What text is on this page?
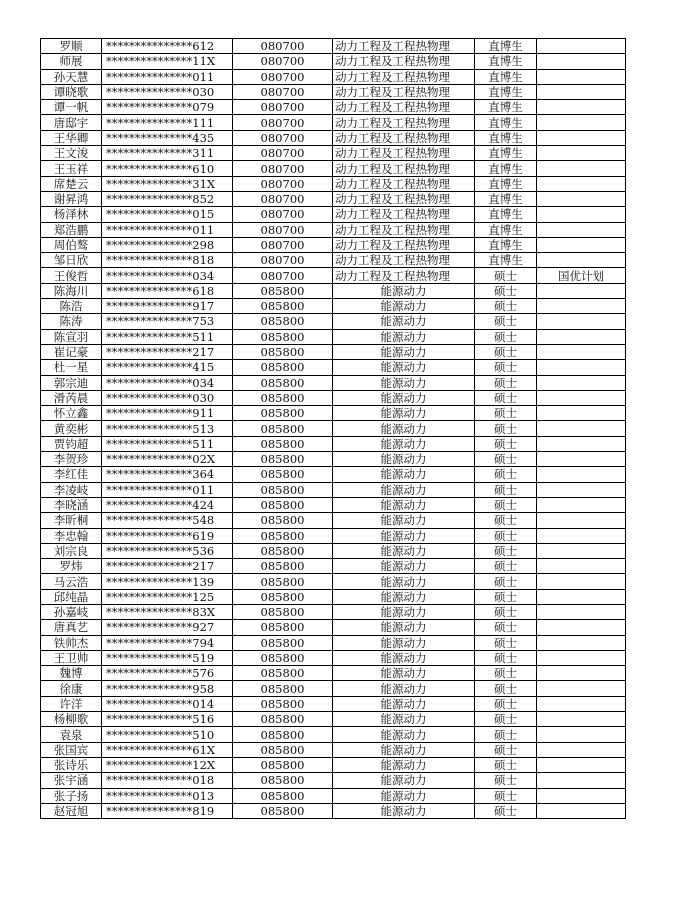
罗顺	***************612	080700	动力工程及工程热物理	直博生	
师展	***************11X	080700	动力工程及工程热物理	直博生	
孙天慧	***************011	080700	动力工程及工程热物理	直博生	
谭晓歌	***************030	080700	动力工程及工程热物理	直博生	
谭一帆	***************079	080700	动力工程及工程热物理	直博生	
唐邸宇	***************111	080700	动力工程及工程热物理	直博生	
王华卿	***************435	080700	动力工程及工程热物理	直博生	
王文浚	***************311	080700	动力工程及工程热物理	直博生	
王玉祥	***************610	080700	动力工程及工程热物理	直博生	
席楚云	***************31X	080700	动力工程及工程热物理	直博生	
谢昇鸿	***************852	080700	动力工程及工程热物理	直博生	
杨泽林	***************015	080700	动力工程及工程热物理	直博生	
郑浩鹏	***************011	080700	动力工程及工程热物理	直博生	
周伯骜	***************298	080700	动力工程及工程热物理	直博生	
邹日欣	***************818	080700	动力工程及工程热物理	直博生	
王俊哲	***************034	080700	动力工程及工程热物理	硕士	国优计划
陈海川	***************618	085800	能源动力	硕士	
陈浩	***************917	085800	能源动力	硕士	
陈涛	***************753	085800	能源动力	硕士	
陈宣羽	***************511	085800	能源动力	硕士	
崔记豪	***************217	085800	能源动力	硕士	
杜一星	***************415	085800	能源动力	硕士	
郭宗迪	***************034	085800	能源动力	硕士	
滑芮晨	***************030	085800	能源动力	硕士	
怀立鑫	***************911	085800	能源动力	硕士	
黄奕彬	***************513	085800	能源动力	硕士	
贾钧超	***************511	085800	能源动力	硕士	
李贺珍	***************02X	085800	能源动力	硕士	
李红佳	***************364	085800	能源动力	硕士	
李凌岐	***************011	085800	能源动力	硕士	
李晓涵	***************424	085800	能源动力	硕士	
李昕桐	***************548	085800	能源动力	硕士	
李忠翰	***************619	085800	能源动力	硕士	
刘宗良	***************536	085800	能源动力	硕士	
罗炜	***************217	085800	能源动力	硕士	
马云浩	***************139	085800	能源动力	硕士	
邱纯晶	***************125	085800	能源动力	硕士	
孙嘉岐	***************83X	085800	能源动力	硕士	
唐真艺	***************927	085800	能源动力	硕士	
铁帅杰	***************794	085800	能源动力	硕士	
王卫帅	***************519	085800	能源动力	硕士	
魏博	***************576	085800	能源动力	硕士	
徐康	***************958	085800	能源动力	硕士	
许洋	***************014	085800	能源动力	硕士	
杨柳歌	***************516	085800	能源动力	硕士	
袁泉	***************510	085800	能源动力	硕士	
张国宾	***************61X	085800	能源动力	硕士	
张诗乐	***************12X	085800	能源动力	硕士	
张宇涵	***************018	085800	能源动力	硕士	
张子扬	***************013	085800	能源动力	硕士	
赵冠旭	***************819	085800	能源动力	硕士	
